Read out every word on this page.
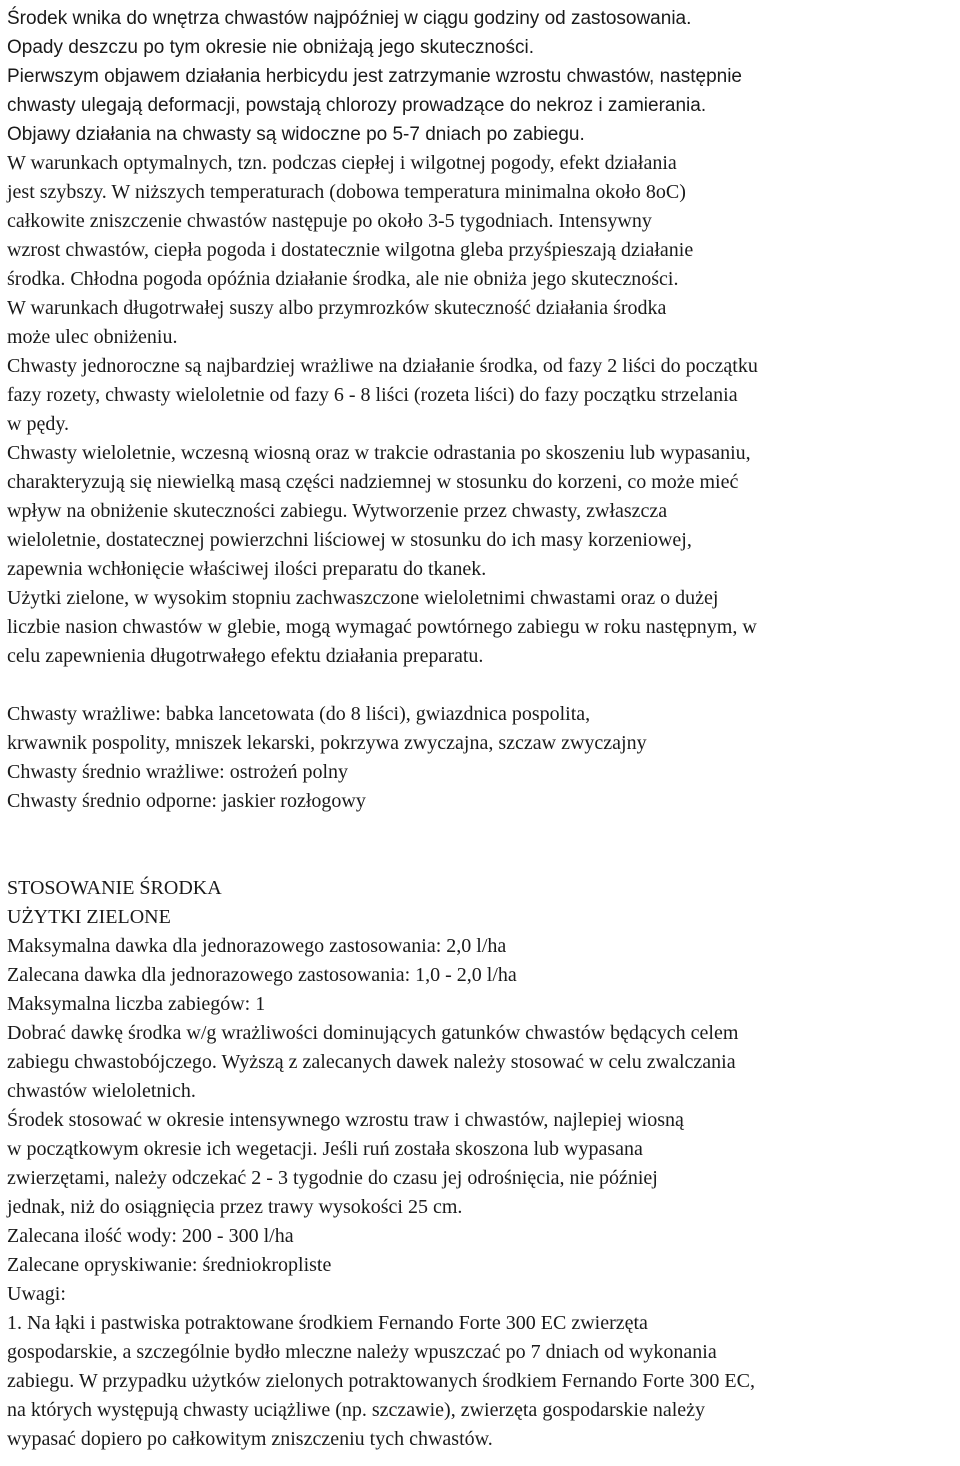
Środek wnika do wnętrza chwastów najpóźniej w ciągu godziny od zastosowania.
Opady deszczu po tym okresie nie obniżają jego skuteczności.
Pierwszym objawem działania herbicydu jest zatrzymanie wzrostu chwastów, następnie
chwasty ulegają deformacji, powstają chlorozy prowadzące do nekroz i zamierania.
Objawy działania na chwasty są widoczne po 5-7 dniach po zabiegu.
W warunkach optymalnych, tzn. podczas ciepłej i wilgotnej pogody, efekt działania
jest szybszy. W niższych temperaturach (dobowa temperatura minimalna około 8oC)
całkowite zniszczenie chwastów następuje po około 3-5 tygodniach. Intensywny
wzrost chwastów, ciepła pogoda i dostatecznie wilgotna gleba przyśpieszają działanie
środka. Chłodna pogoda opóźnia działanie środka, ale nie obniża jego skuteczności.
W warunkach długotrwałej suszy albo przymrozków skuteczność działania środka
może ulec obniżeniu.
Chwasty jednoroczne są najbardziej wrażliwe na działanie środka, od fazy 2 liści do początku
fazy rozety, chwasty wieloletnie od fazy 6 - 8 liści (rozeta liści) do fazy początku strzelania
w pędy.
Chwasty wieloletnie, wczesną wiosną oraz w trakcie odrastania po skoszeniu lub wypasaniu,
charakteryzują się niewielką masą części nadziemnej w stosunku do korzeni, co może mieć
wpływ na obniżenie skuteczności zabiegu. Wytworzenie przez chwasty, zwłaszcza
wieloletnie, dostatecznej powierzchni liściowej w stosunku do ich masy korzeniowej,
zapewnia wchłonięcie właściwej ilości preparatu do tkanek.
Użytki zielone, w wysokim stopniu zachwaszczone wieloletnimi chwastami oraz o dużej
liczbie nasion chwastów w glebie, mogą wymagać powtórnego zabiegu w roku następnym, w
celu zapewnienia długotrwałego efektu działania preparatu.
Chwasty wrażliwe: babka lancetowata (do 8 liści), gwiazdnica pospolita,
krwawnik pospolity, mniszek lekarski, pokrzywa zwyczajna, szczaw zwyczajny
Chwasty średnio wrażliwe: ostrożeń polny
Chwasty średnio odporne: jaskier rozłogowy
STOSOWANIE ŚRODKA
UŻYTKI ZIELONE
Maksymalna dawka dla jednorazowego zastosowania: 2,0 l/ha
Zalecana dawka dla jednorazowego zastosowania: 1,0 - 2,0 l/ha
Maksymalna liczba zabiegów: 1
Dobrać dawkę środka w/g wrażliwości dominujących gatunków chwastów będących celem
zabiegu chwastobójczego. Wyższą z zalecanych dawek należy stosować w celu zwalczania
chwastów wieloletnich.
Środek stosować w okresie intensywnego wzrostu traw i chwastów, najlepiej wiosną
w początkowym okresie ich wegetacji. Jeśli ruń została skoszona lub wypasana
zwierzętami, należy odczekać 2 - 3 tygodnie do czasu jej odrośnięcia, nie później
jednak, niż do osiągnięcia przez trawy wysokości 25 cm.
Zalecana ilość wody: 200 - 300 l/ha
Zalecane opryskiwanie: średniokropliste
Uwagi:
1. Na łąki i pastwiska potraktowane środkiem Fernando Forte 300 EC zwierzęta
gospodarskie, a szczególnie bydło mleczne należy wpuszczać po 7 dniach od wykonania
zabiegu. W przypadku użytków zielonych potraktowanych środkiem Fernando Forte 300 EC,
na których występują chwasty uciążliwe (np. szczawie), zwierzęta gospodarskie należy
wypasać dopiero po całkowitym zniszczeniu tych chwastów.
